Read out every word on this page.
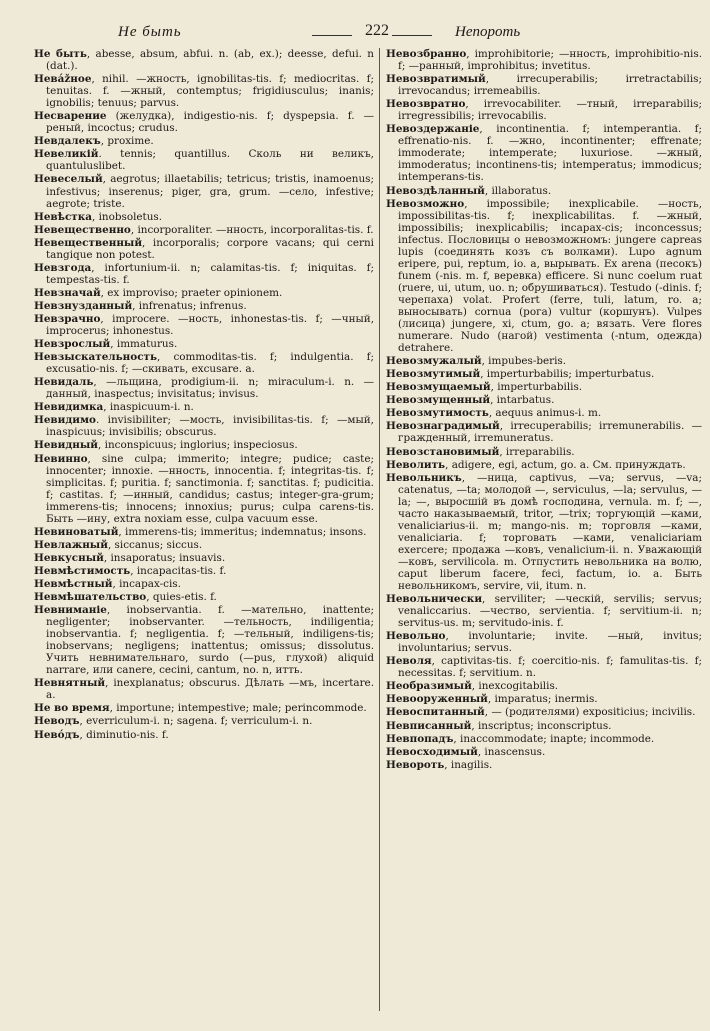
Не быть	222	Непороть

Не быть, abesse, absum, abfui. n. (ab, ex.); deesse, defui. n (dat.).

Невážное, nihil. —жность, ignobilitas-tis. f; mediocritas. f; tenuitas. f. —жный, contemptus; frigidiusculus; inanis; ignobilis; tenuus; parvus.

Несварение (желудка), indigestio-nis. f; dyspepsia. f. —реный, incoctus; crudus.

Невдалекъ, proxime.

Невеликій. tennis; quantillus. Сколь ни великъ, quantuluslibet.

Невеселый, aegrotus; illaetabilis; tetricus; tristis, inamoenus; infestivus; inserenus; piger, gra, grum. —село, infestive; aegrote; triste.

Невѣстка, inobsoletus.

Невещественно, incorporaliter. —нность, incorporalitas-tis. f.

Невещественный, incorporalis; corpore vacans; qui cerni tangique non potest.

Невзгода, infortunium-ii. n; calamitas-tis. f; iniquitas. f; tempestas-tis. f.

Невзначай, ex improviso; praeter opinionem.

Невзнузданный, infrenatus; infrenus.

Невзрачно, improcere. —ность, inhonestas-tis. f; —чный, improcerus; inhonestus.

Невзрослый, immaturus.

Невзыскательность, commoditas-tis. f; indulgentia. f; excusatio-nis. f; —скивать, excusare. a.

Невидаль, —льщина, prodigium-ii. n; miraculum-i. n. —данный, inaspectus; invisitatus; invisus.

Невидимка, inaspicuum-i. n.

Невидимо. invisibiliter; —мость, invisibilitas-tis. f; —мый, inaspicuus; invisibilis; obscurus.

Невидный, inconspicuus; inglorius; inspeciosus.

Невинно, sine culpa; immerito; integre; pudice; caste; innocenter; innoxie. —нность, innocentia. f; integritas-tis. f; simplicitas. f; puritia. f; sanctimonia. f; sanctitas. f; pudicitia. f; castitas. f; —инный, candidus; castus; integer-gra-grum; immerens-tis; innocens; innoxius; purus; culpa carens-tis. Быть —ину, extra noxiam esse, culpa vacuum esse.

Невиноватый, immerens-tis; immeritus; indemnatus; insons.

Невлажный, siccanus; siccus.

Невкусный, insaporatus; insuavis.

Невмѣстимость, incapacitas-tis. f.

Невмѣстный, incapax-cis.

Невмѣшательство, quies-etis. f.

Невниманіе, inobservantia. f. —мательно, inattente; negligenter; inobservanter. —тельность, indiligentia; inobservantia. f; negligentia. f; —тельный, indiligens-tis; inobservans; negligens; inattentus; omissus; dissolutus. Учить невнимательнаго, surdo (—pus, глухой) aliquid narrare, или canere, cecini, cantum, no. n, итть.

Невнятный, inexplanatus; obscurus. Дѣлать —мъ, incertare. a.

Не во время, importune; intempestive; male; perincommode.

Неводъ, everriculum-i. n; sagena. f; verriculum-i. n.

Невóдъ, diminutio-nis. f.

Невозбранно, improhibitorie; —нность, improhibitio-nis. f; —ранный, improhibitus; invetitus.

Невозвратимый, irrecuperabilis; irretractabilis; irrevocandus; irremeabilis.

Невозвратно, irrevocabiliter. —тный, irreparabilis; irregressibilis; irrevocabilis.

Невоздержаніе, incontinentia. f; intemperantia. f; effrenatio-nis. f. —жно, incontinenter; effrenate; immoderate; intemperate; luxuriose. —жный, immoderatus; incontinens-tis; intemperatus; immodicus; intemperans-tis.

Невоздѣланный, illaboratus.

Невозможно, impossibile; inexplicabile. —ность, impossibilitas-tis. f; inexplicabilitas. f. —жный, impossibilis; inexplicabilis; incapax-cis; inconcessus; infectus. Пословицы о невозможномъ: jungere capreas lupis (соединять козъ съ волками). Lupo agnum eripere, pui, reptum, io. a, вырывать. Ex arena (песокъ) funem (-nis. m. f, веревка) efficere. Si nunc coelum ruat (ruere, ui, utum, uo. n; обрушиваться). Testudo (-dinis. f; черепаха) volat. Profert (ferre, tuli, latum, ro. a; выносывать) cornua (рога) vultur (коршунъ). Vulpes (лисица) jungere, xi, ctum, go. a; вязать. Vere flores numerare. Nudo (нагой) vestimenta (-ntum, одежда) detrahere.

Невозмужалый, impubes-beris.

Невозмутимый, imperturbabilis; imperturbatus.

Невозмущаемый, imperturbabilis.

Невозмущенный, intarbatus.

Невозмутимость, aequus animus-i. m.

Невознаградимый, irrecuperabilis; irremunerabilis. —гражденный, irremuneratus.

Невозстановимый, irreparabilis.

Неволить, adigere, egi, actum, go. a. См. принуждать.

Невольникъ, —ница, captivus, —va; servus, —va; catenatus, —ta; молодой —, serviculus, —la; servulus, —la; —, выросшій въ домѣ господина, vernula. m. f; —, часто наказываемый, tritor, —trix; торгующій —ками, venaliciarius-ii. m; mango-nis. m; торговля —ками, venaliciaria. f; торговать —ками, venaliciariam exercere; продажа —ковъ, venalicium-ii. n. Уважающій —ковъ, servilicola. m. Отпустить невольника на волю, caput liberum facere, feci, factum, io. a. Быть невольникомъ, servire, vii, itum. n.

Невольнически, serviliter; —ческій, servilis; servus; venaliccarius. —чество, servientia. f; servitium-ii. n; servitus-us. m; servitudo-inis. f.

Невольно, involuntarie; invite. —ный, invitus; involuntarius; servus.

Неволя, captivitas-tis. f; coercitio-nis. f; famulitas-tis. f; necessitas. f; servitium. n.

Необразимый, inexcogitabilis.

Невооруженный, imparatus; inermis.

Невоспитанный, — (родителями) expositicius; incivilis.

Невписанный, inscriptus; inconscriptus.

Невпопадъ, inaccommodate; inapte; incommode.

Невосходимый, inascensus.

Невороть, inagilis.
